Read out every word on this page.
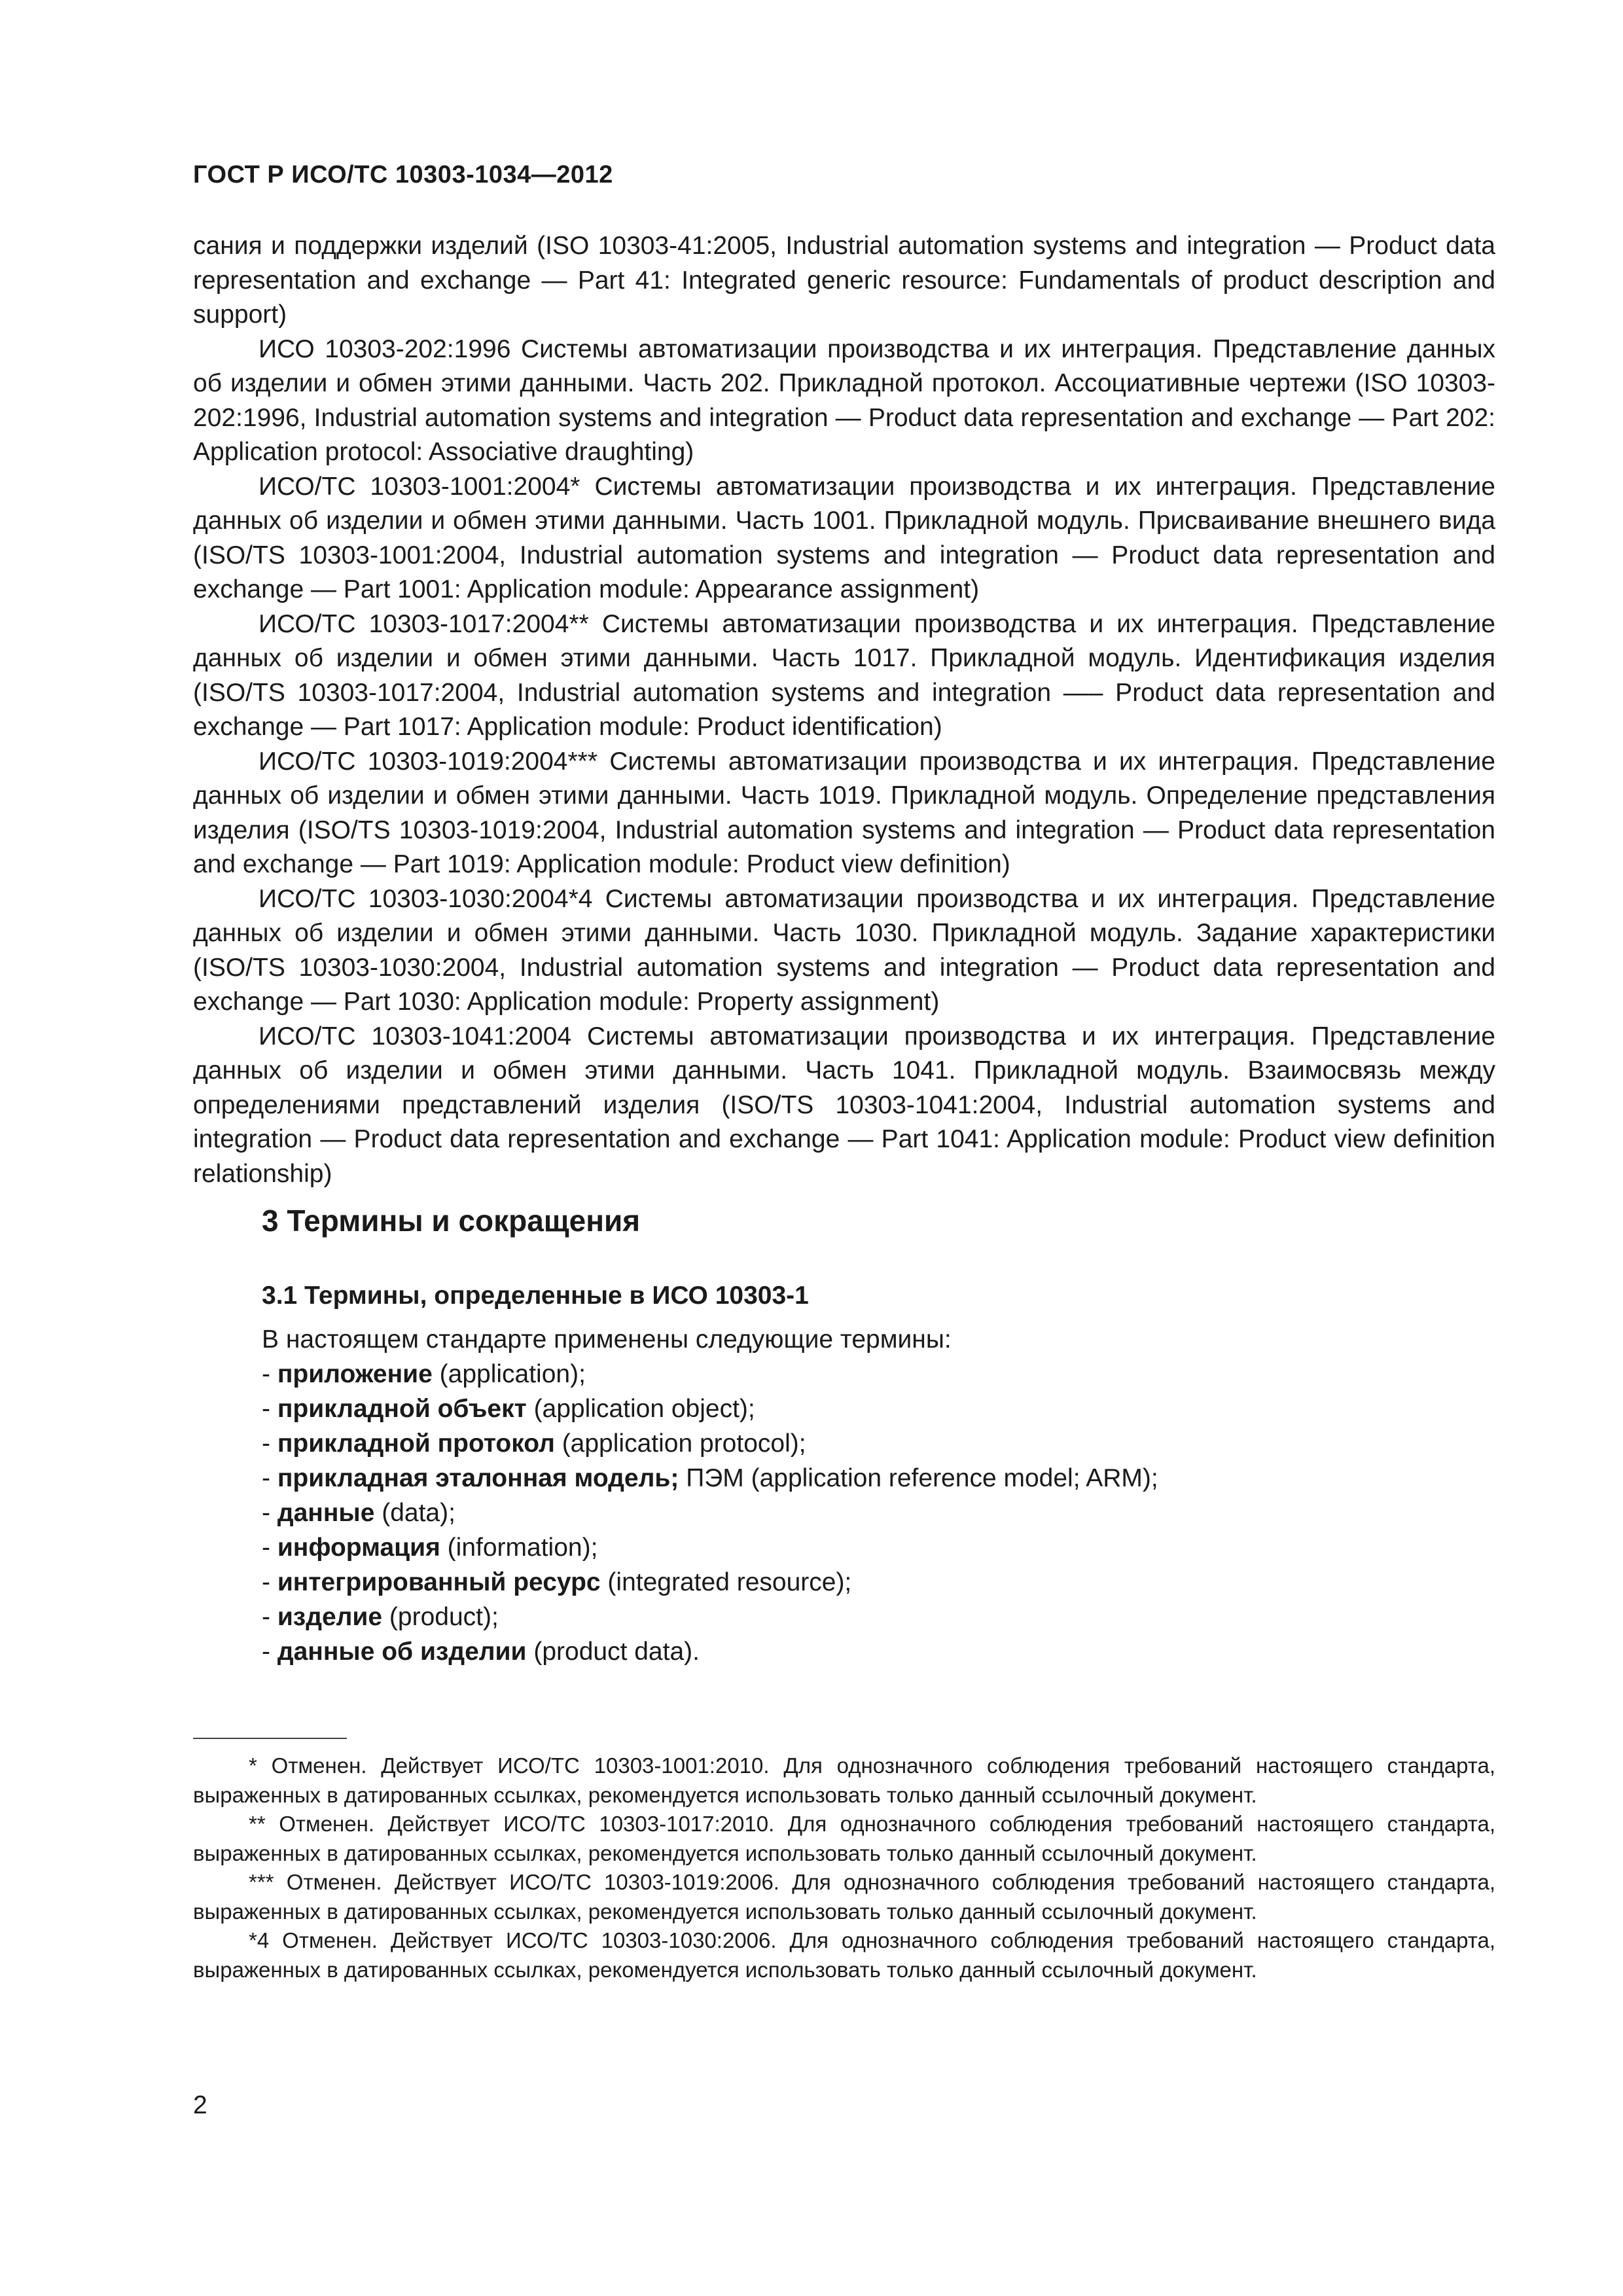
ГОСТ Р ИСО/ТС 10303-1034—2012

сания и поддержки изделий (ISO 10303-41:2005, Industrial automation systems and integration — Product data representation and exchange — Part 41: Integrated generic resource: Fundamentals of product description and support)

ИСО 10303-202:1996 Системы автоматизации производства и их интеграция. Представление данных об изделии и обмен этими данными. Часть 202. Прикладной протокол. Ассоциативные чертежи (ISO 10303-202:1996, Industrial automation systems and integration — Product data representation and exchange — Part 202: Application protocol: Associative draughting)

ИСО/ТС 10303-1001:2004* Системы автоматизации производства и их интеграция. Представление данных об изделии и обмен этими данными. Часть 1001. Прикладной модуль. Присваивание внешнего вида (ISO/TS 10303-1001:2004, Industrial automation systems and integration — Product data representation and exchange — Part 1001: Application module: Appearance assignment)

ИСО/ТС 10303-1017:2004** Системы автоматизации производства и их интеграция. Представление данных об изделии и обмен этими данными. Часть 1017. Прикладной модуль. Идентификация изделия (ISO/TS 10303-1017:2004, Industrial automation systems and integration —– Product data representation and exchange — Part 1017: Application module: Product identification)

ИСО/ТС 10303-1019:2004*** Системы автоматизации производства и их интеграция. Представление данных об изделии и обмен этими данными. Часть 1019. Прикладной модуль. Определение представления изделия (ISO/TS 10303-1019:2004, Industrial automation systems and integration — Product data representation and exchange — Part 1019: Application module: Product view definition)

ИСО/ТС 10303-1030:2004*4 Системы автоматизации производства и их интеграция. Представление данных об изделии и обмен этими данными. Часть 1030. Прикладной модуль. Задание характеристики (ISO/TS 10303-1030:2004, Industrial automation systems and integration — Product data representation and exchange — Part 1030: Application module: Property assignment)

ИСО/ТС 10303-1041:2004 Системы автоматизации производства и их интеграция. Представление данных об изделии и обмен этими данными. Часть 1041. Прикладной модуль. Взаимосвязь между определениями представлений изделия (ISO/TS 10303-1041:2004, Industrial automation systems and integration — Product data representation and exchange — Part 1041: Application module: Product view definition relationship)

3 Термины и сокращения
3.1 Термины, определенные в ИСО 10303-1
В настоящем стандарте применены следующие термины:
- приложение (application);
- прикладной объект (application object);
- прикладной протокол (application protocol);
- прикладная эталонная модель; ПЭМ (application reference model; ARM);
- данные (data);
- информация (information);
- интегрированный ресурс (integrated resource);
- изделие (product);
- данные об изделии (product data).

* Отменен. Действует ИСО/ТС 10303-1001:2010. Для однозначного соблюдения требований настоящего стандарта, выраженных в датированных ссылках, рекомендуется использовать только данный ссылочный документ.

** Отменен. Действует ИСО/ТС 10303-1017:2010. Для однозначного соблюдения требований настоящего стандарта, выраженных в датированных ссылках, рекомендуется использовать только данный ссылочный документ.

*** Отменен. Действует ИСО/ТС 10303-1019:2006. Для однозначного соблюдения требований настоящего стандарта, выраженных в датированных ссылках, рекомендуется использовать только данный ссылочный документ.

*4 Отменен. Действует ИСО/ТС 10303-1030:2006. Для однозначного соблюдения требований настоящего стандарта, выраженных в датированных ссылках, рекомендуется использовать только данный ссылочный документ.

2
